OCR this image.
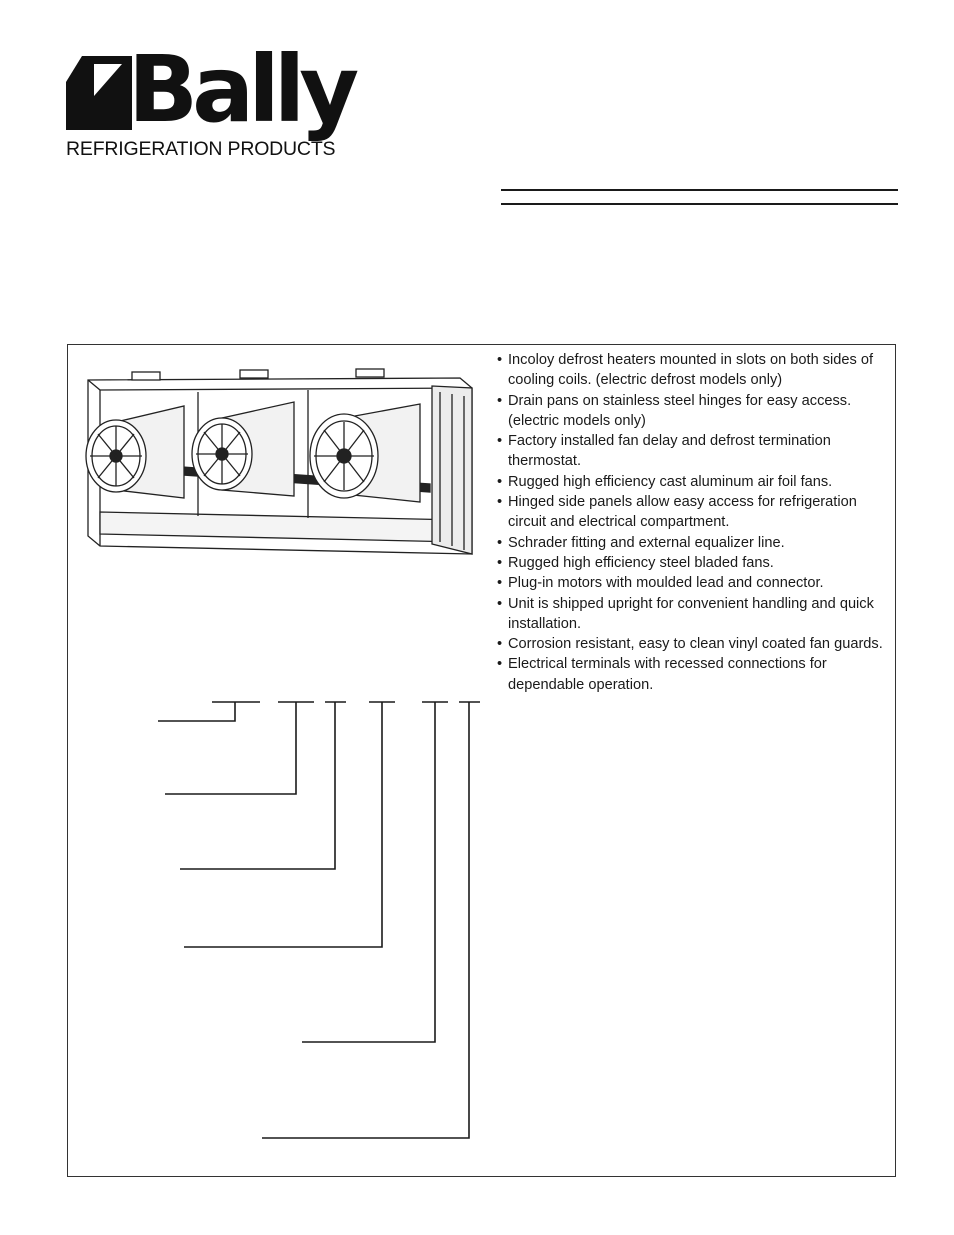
Bally
REFRIGERATION PRODUCTS
• Incoloy defrost heaters mounted in slots on both sides of cooling coils. (electric defrost models only)
• Drain pans on stainless steel hinges for easy access. (electric models only)
• Factory installed fan delay and defrost termination thermostat.
• Rugged high efficiency cast aluminum air foil fans.
• Hinged side panels allow easy access for refrigeration circuit and electrical compartment.
• Schrader fitting and external equalizer line.
• Rugged high efficiency steel bladed fans.
• Plug-in motors with moulded lead and connector.
• Unit is shipped upright for convenient handling and quick installation.
• Corrosion resistant, easy to clean vinyl coated fan guards.
• Electrical terminals with recessed connections for dependable operation.
